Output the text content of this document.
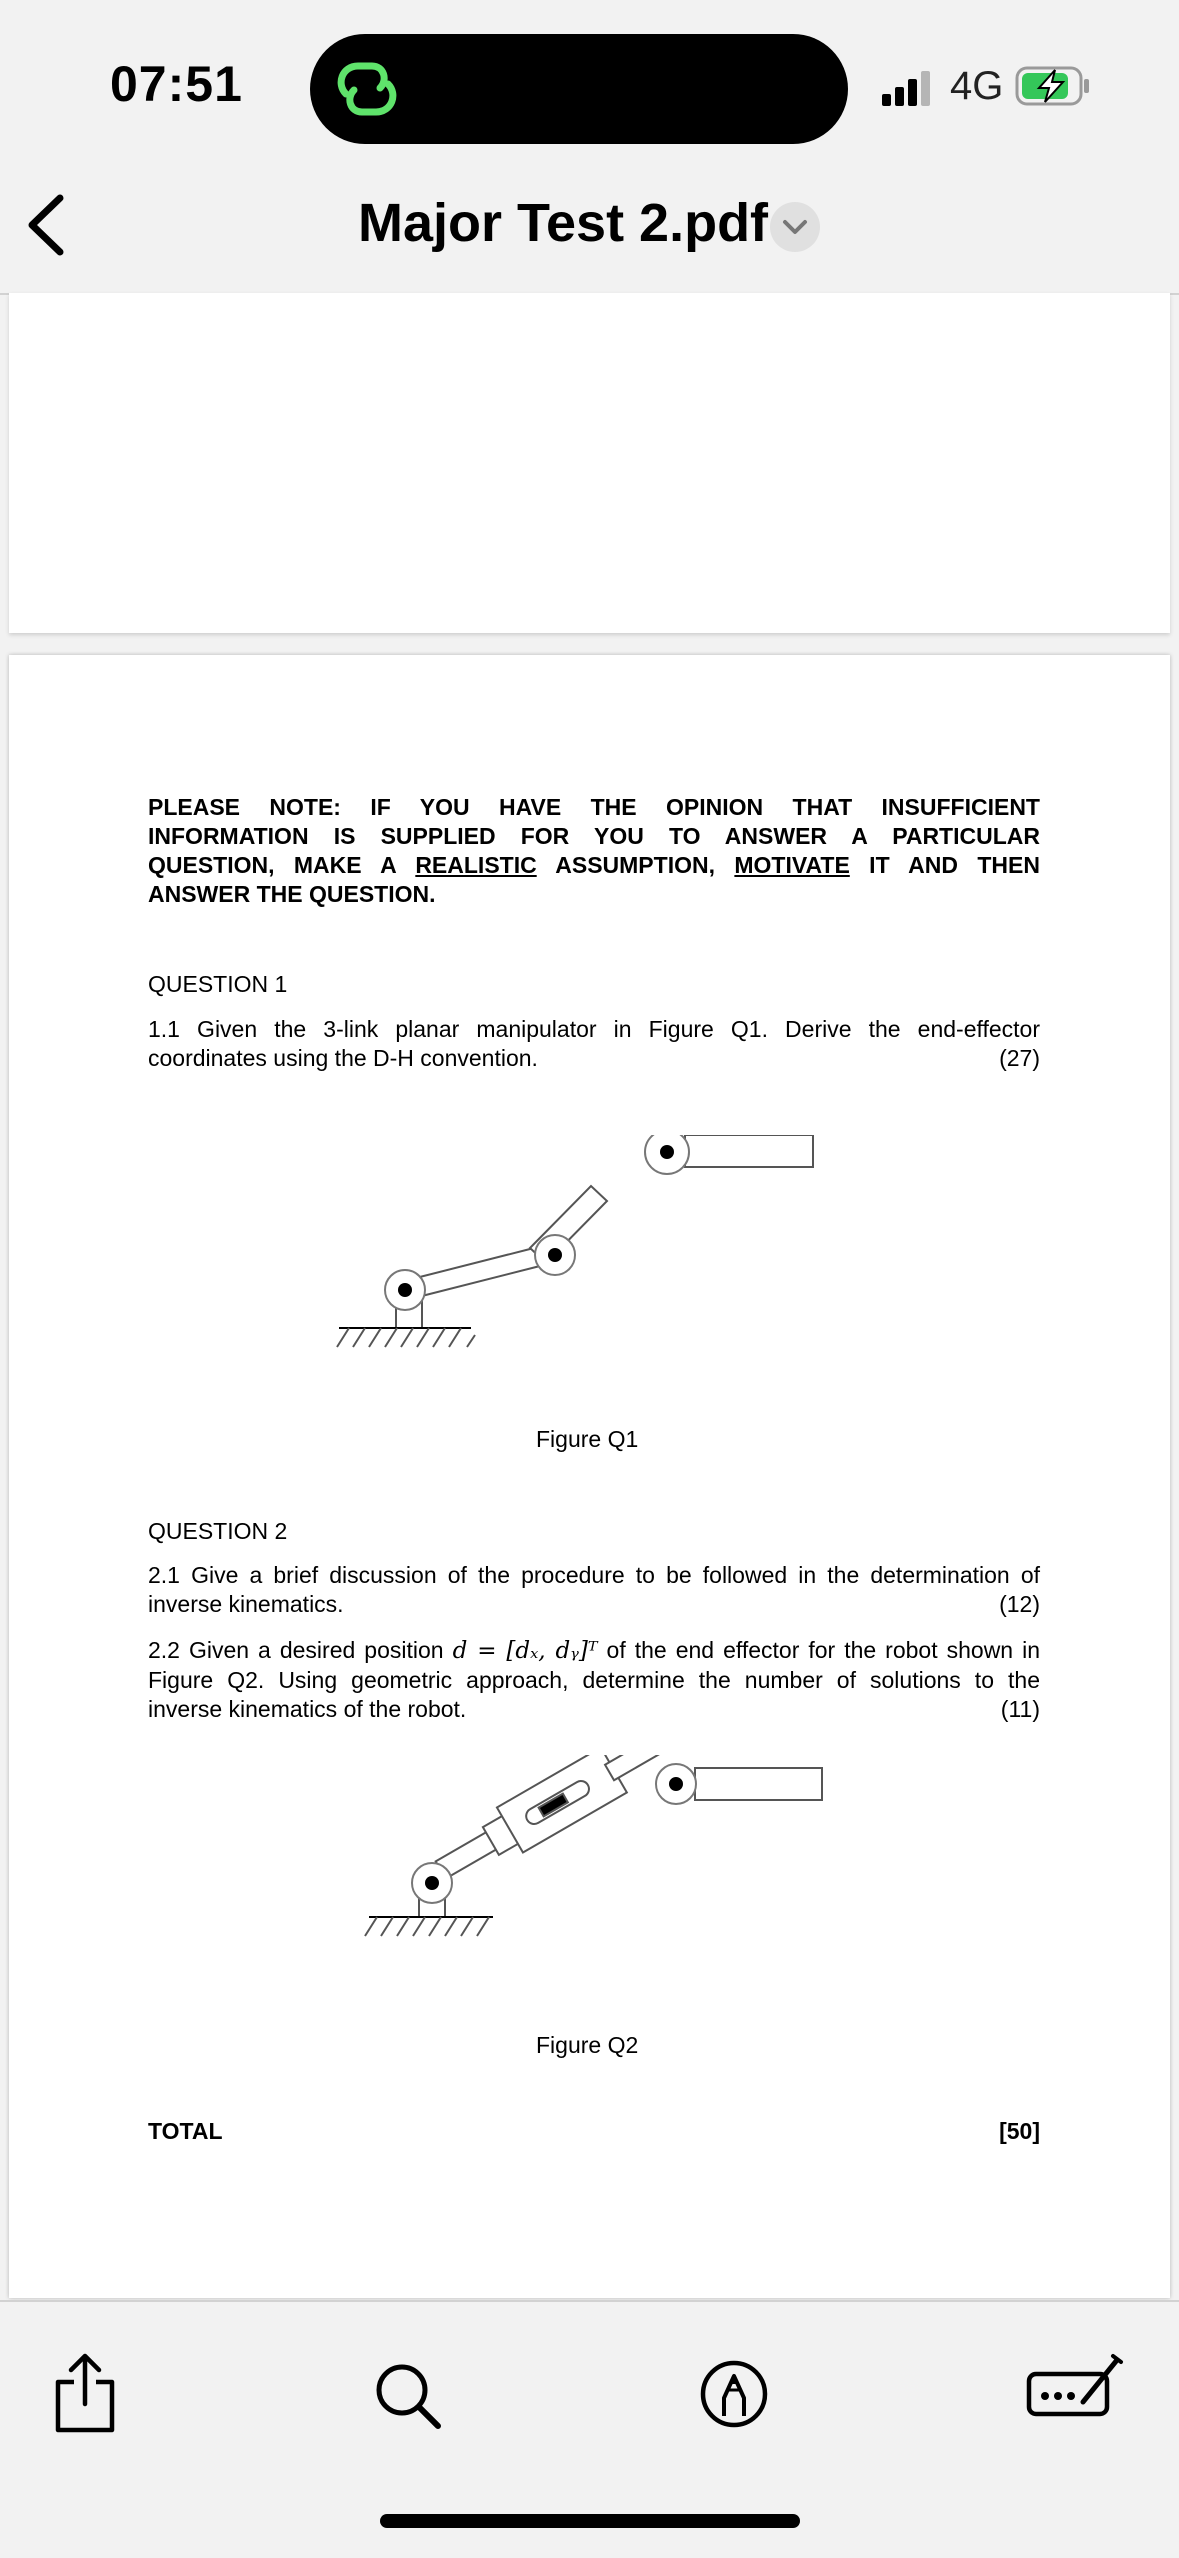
07:51	4G
Major Test 2.pdf
PLEASE NOTE: IF YOU HAVE THE OPINION THAT INSUFFICIENT
INFORMATION IS SUPPLIED FOR YOU TO ANSWER A PARTICULAR
QUESTION, MAKE A REALISTIC ASSUMPTION, MOTIVATE IT AND THEN
ANSWER THE QUESTION.
QUESTION 1
1.1 Given the 3-link planar manipulator in Figure Q1. Derive the end-effector
coordinates using the D-H convention.	(27)
Figure Q1
QUESTION 2
2.1 Give a brief discussion of the procedure to be followed in the determination of
inverse kinematics.	(12)
2.2 Given a desired position d = [dₓ, dᵧ]ᵀ of the end effector for the robot shown in
Figure Q2. Using geometric approach, determine the number of solutions to the
inverse kinematics of the robot.	(11)
Figure Q2
TOTAL	[50]
